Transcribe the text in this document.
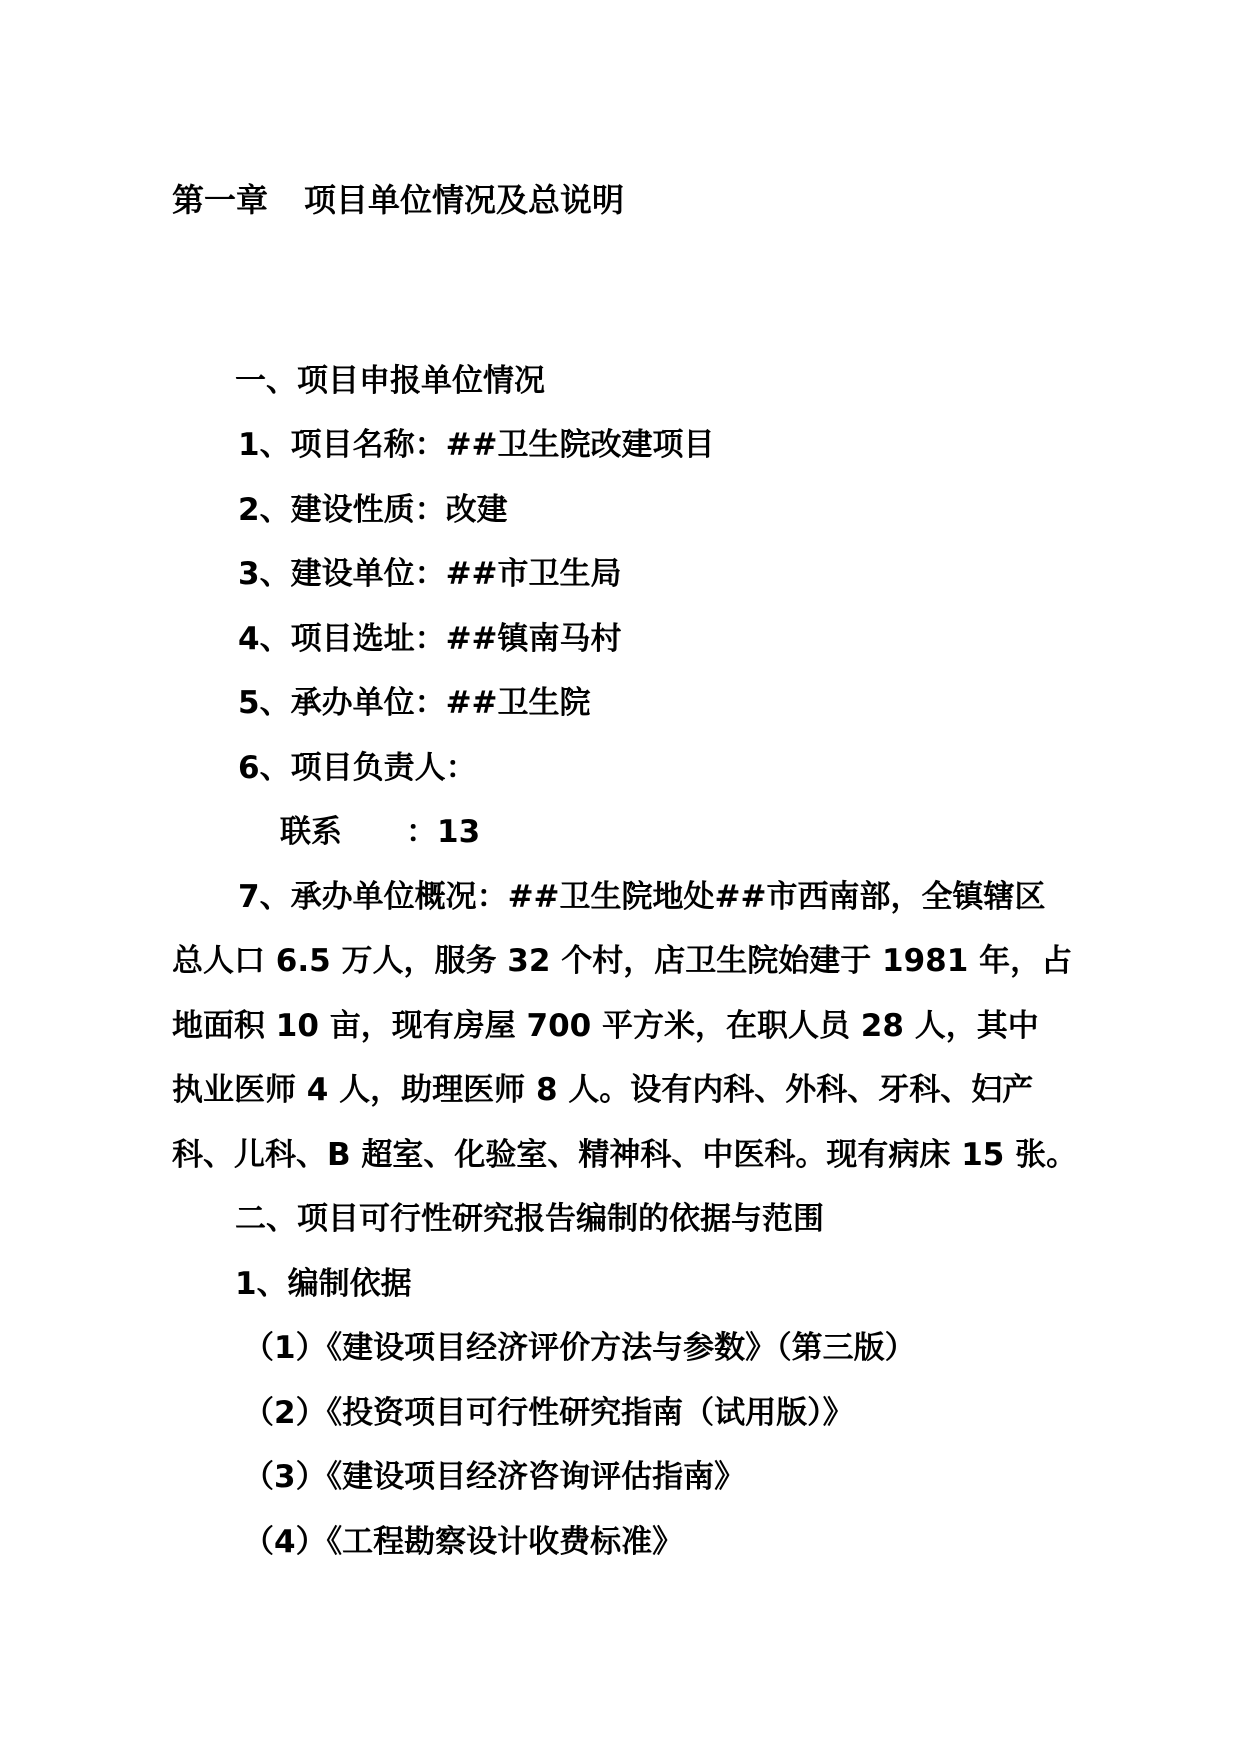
第一章 项目单位情况及总说明
一、项目申报单位情况
1、项目名称：##卫生院改建项目
2、建设性质：改建
3、建设单位：##市卫生局
4、项目选址：##镇南马村
5、承办单位：##卫生院
6、项目负责人：
联系 ：13
7、承办单位概况：##卫生院地处##市西南部，全镇辖区
总人口 6.5 万人，服务 32 个村，店卫生院始建于 1981 年，占
地面积 10 亩，现有房屋 700 平方米，在职人员 28 人，其中
执业医师 4 人，助理医师 8 人。设有内科、外科、牙科、妇产
科、儿科、B 超室、化验室、精神科、中医科。现有病床 15 张。
二、项目可行性研究报告编制的依据与范围
1、编制依据
（1）《建设项目经济评价方法与参数》（第三版）
（2）《投资项目可行性研究指南（试用版）》
（3）《建设项目经济咨询评估指南》
（4）《工程勘察设计收费标准》
